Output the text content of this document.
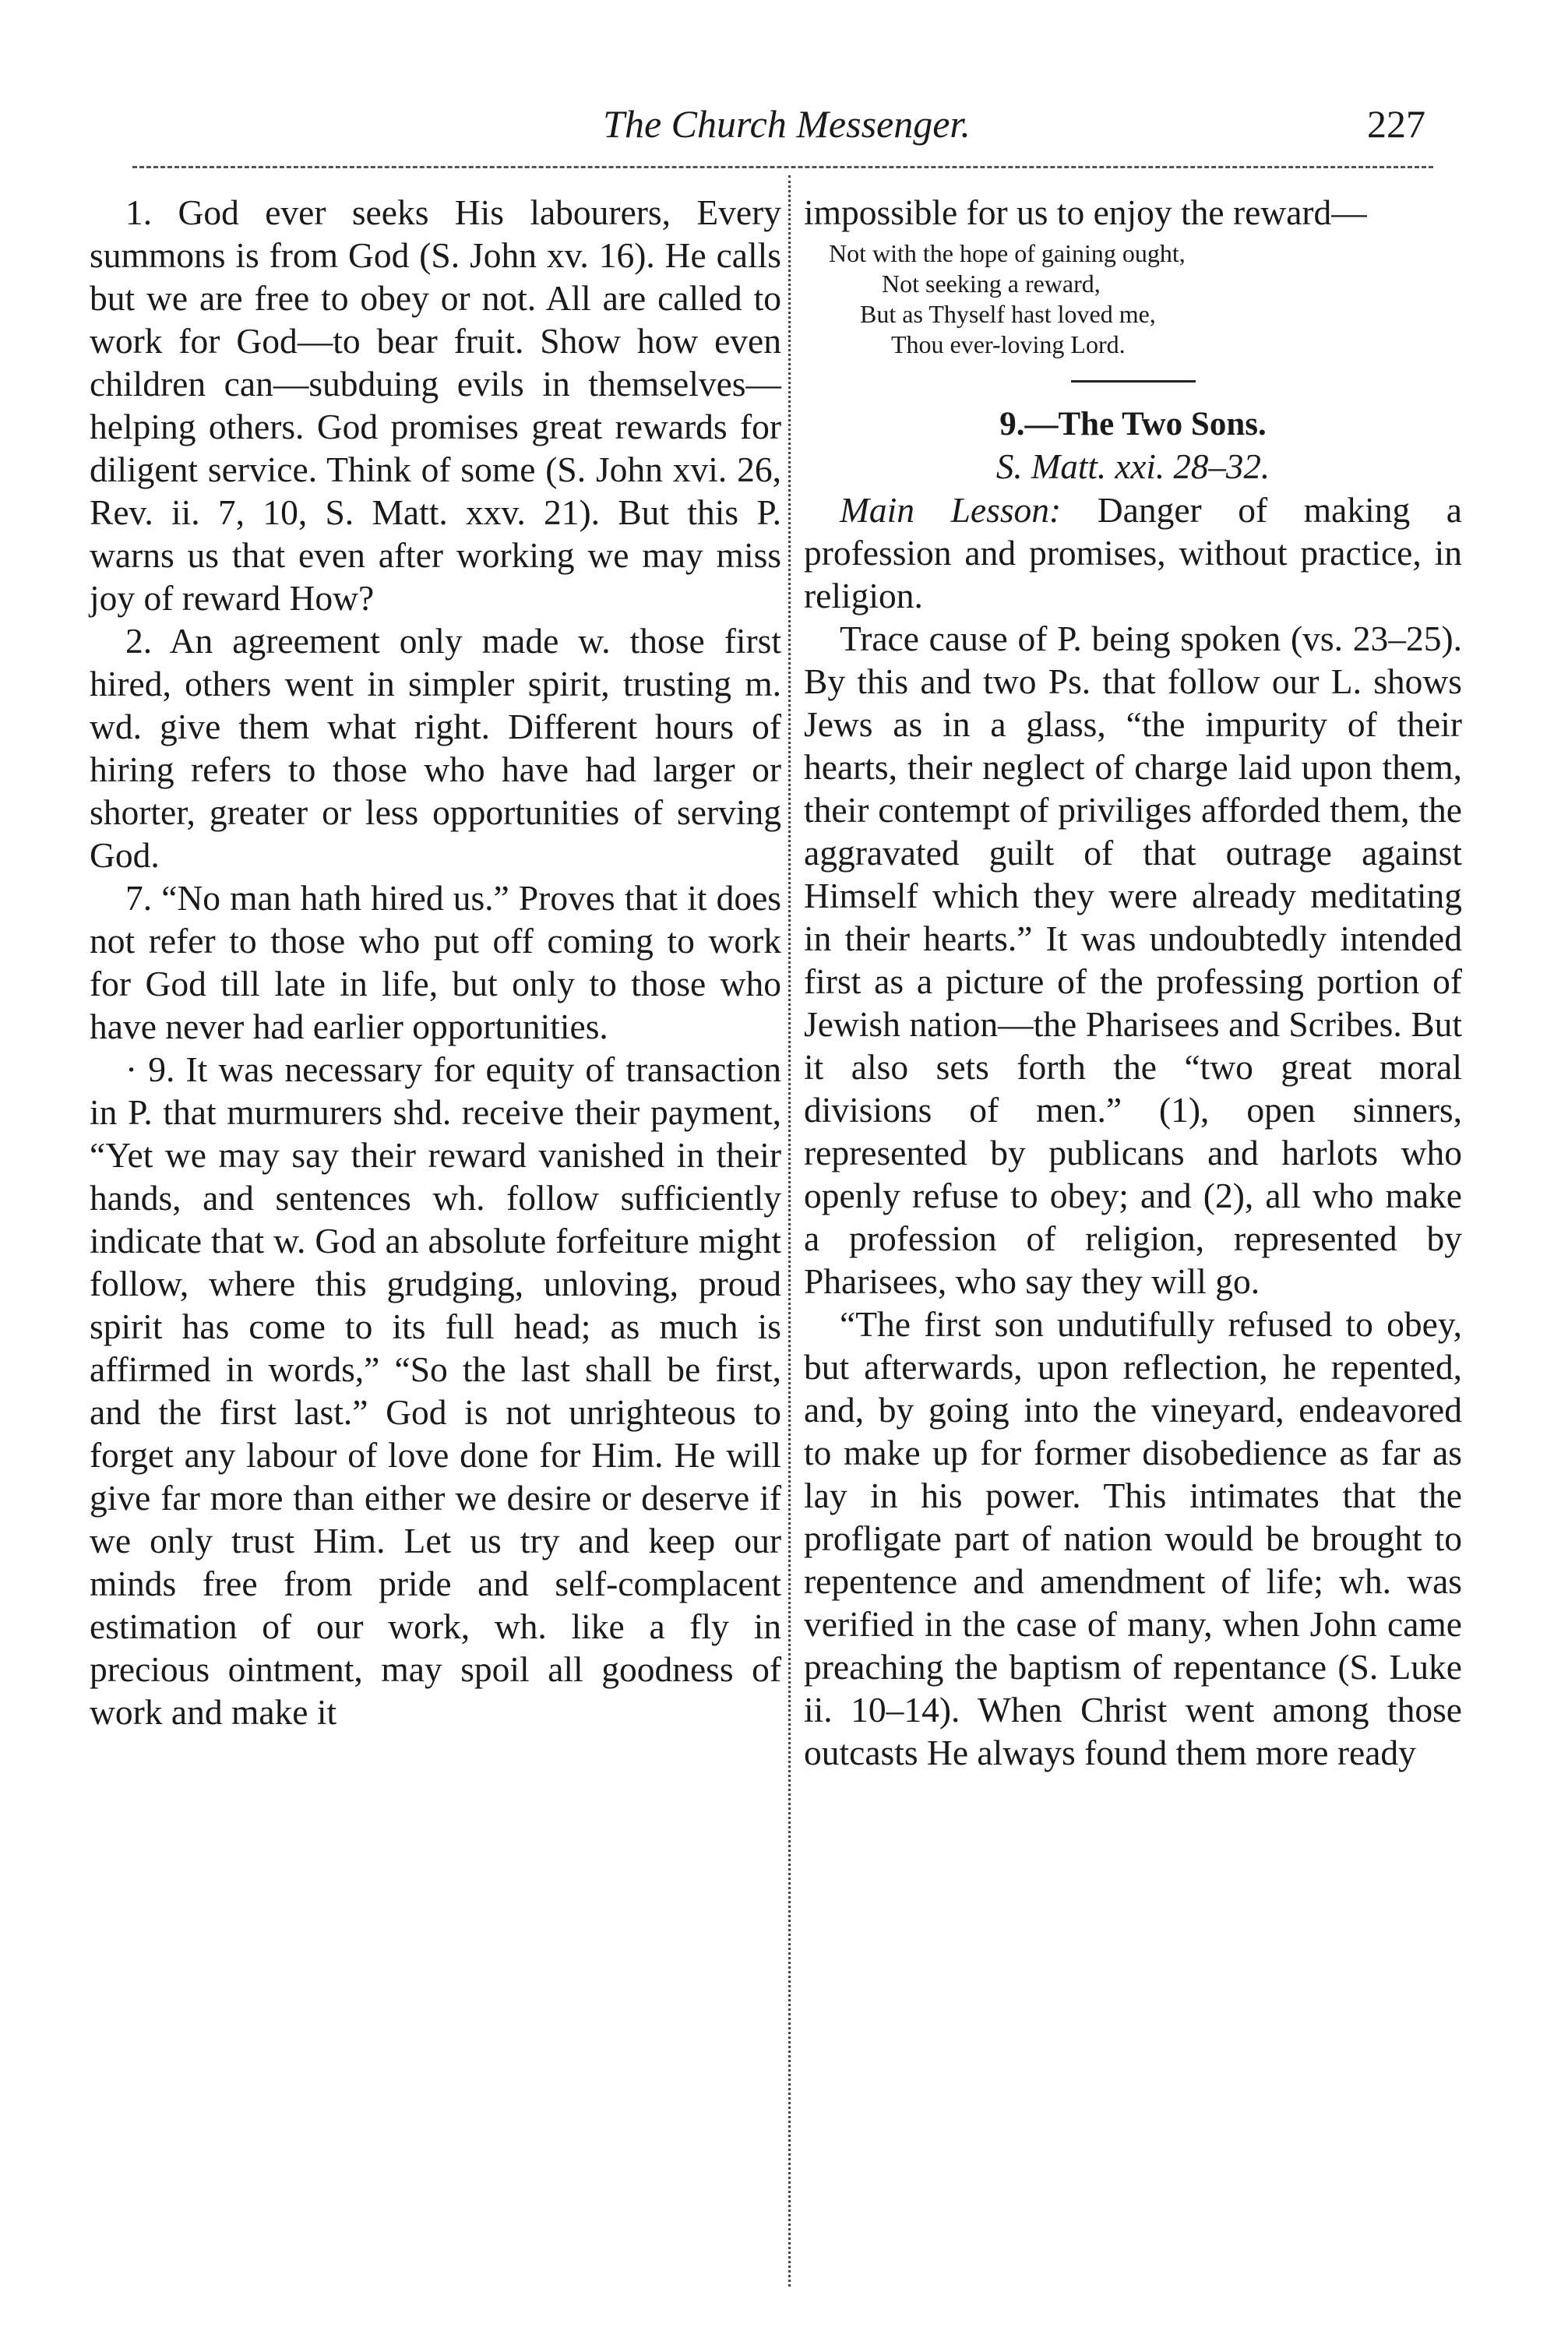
The Church Messenger.	227

1. God ever seeks His labourers, Every summons is from God (S. John xv. 16). He calls but we are free to obey or not. All are called to work for God—to bear fruit. Show how even children can—subduing evils in themselves—helping others. God promises great rewards for diligent service. Think of some (S. John xvi. 26, Rev. ii. 7, 10, S. Matt. xxv. 21). But this P. warns us that even after working we may miss joy of reward How?

2. An agreement only made w. those first hired, others went in simpler spirit, trusting m. wd. give them what right. Different hours of hiring refers to those who have had larger or shorter, greater or less opportunities of serving God.

7. “No man hath hired us.” Proves that it does not refer to those who put off coming to work for God till late in life, but only to those who have never had earlier opportunities.

· 9. It was necessary for equity of transaction in P. that murmurers shd. receive their payment, “Yet we may say their reward vanished in their hands, and sentences wh. follow sufficiently indicate that w. God an absolute forfeiture might follow, where this grudging, unloving, proud spirit has come to its full head; as much is affirmed in words,” “So the last shall be first, and the first last.” God is not unrighteous to forget any labour of love done for Him. He will give far more than either we desire or deserve if we only trust Him. Let us try and keep our minds free from pride and self-complacent estimation of our work, wh. like a fly in precious ointment, may spoil all goodness of work and make it

impossible for us to enjoy the reward—

Not with the hope of gaining ought,
Not seeking a reward,
But as Thyself hast loved me,
Thou ever-loving Lord.
9.—The Two Sons.
S. Matt. xxi. 28–32.

Main Lesson: Danger of making a profession and promises, without practice, in religion.

Trace cause of P. being spoken (vs. 23–25). By this and two Ps. that follow our L. shows Jews as in a glass, “the impurity of their hearts, their neglect of charge laid upon them, their contempt of priviliges afforded them, the aggravated guilt of that outrage against Himself which they were already meditating in their hearts.” It was undoubtedly intended first as a picture of the professing portion of Jewish nation—the Pharisees and Scribes. But it also sets forth the “two great moral divisions of men.” (1), open sinners, represented by publicans and harlots who openly refuse to obey; and (2), all who make a profession of religion, represented by Pharisees, who say they will go.

“The first son undutifully refused to obey, but afterwards, upon reflection, he repented, and, by going into the vineyard, endeavored to make up for former disobedience as far as lay in his power. This intimates that the profligate part of nation would be brought to repentence and amendment of life; wh. was verified in the case of many, when John came preaching the baptism of repentance (S. Luke ii. 10–14). When Christ went among those outcasts He always found them more ready
